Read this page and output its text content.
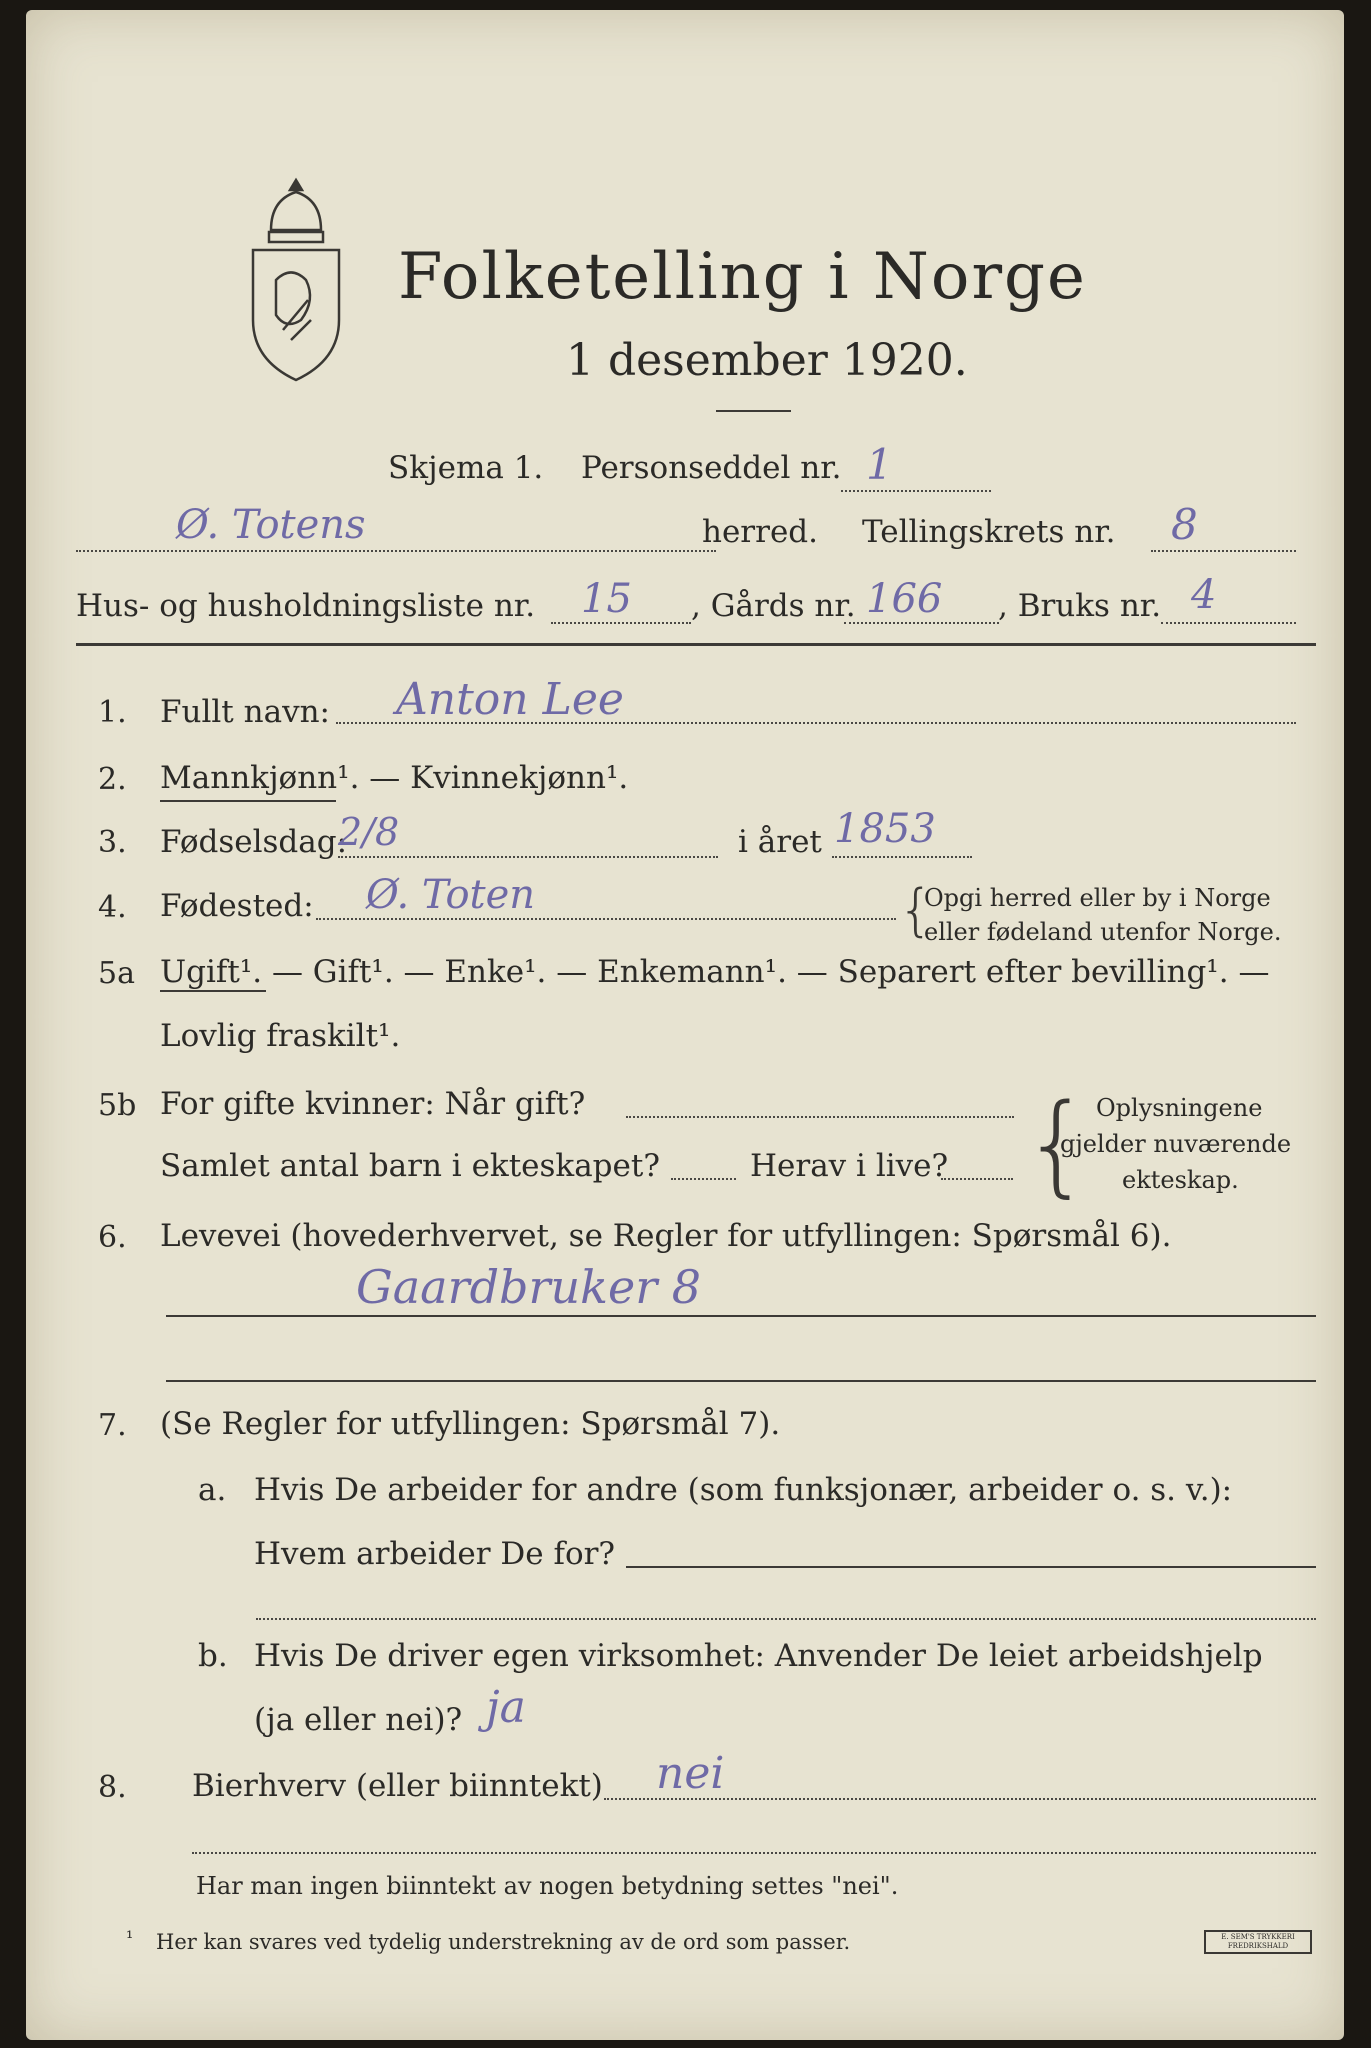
Folketelling i Norge
1 desember 1920.
Skjema 1. Personseddel nr. 1
Ø. Totens	herred. Tellingskrets nr. 8
Hus- og husholdningsliste nr. 15 , Gårds nr. 166 , Bruks nr. 4
1. Fullt navn: Anton Lee
2. Mannkjønn¹. — Kvinnekjønn¹.
3. Fødselsdag:
2/8	i året 1853
4. Fødested: Ø. Toten	{
Opgi herred eller by i Norge
eller fødeland utenfor Norge.
5a Ugift¹. — Gift¹. — Enke¹. — Enkemann¹. — Separert efter bevilling¹. —
Lovlig fraskilt¹.
5b For gifte kvinner: Når gift?
Samlet antal barn i ekteskapet?	Herav i live? { Oplysningene
gjelder nuværende
ekteskap.
6. Levevei (hovederhvervet, se Regler for utfyllingen: Spørsmål 6).
Gaardbruker 8
7. (Se Regler for utfyllingen: Spørsmål 7).
a. Hvis De arbeider for andre (som funksjonær, arbeider o. s. v.):
Hvem arbeider De for?
b. Hvis De driver egen virksomhet: Anvender De leiet arbeidshjelp
(ja eller nei)? ja
8. Bierhverv (eller biinntekt) nei
Har man ingen biinntekt av nogen betydning settes "nei".
¹ Her kan svares ved tydelig understrekning av de ord som passer.	E. SEM'S TRYKKERI FREDRIKSHALD
